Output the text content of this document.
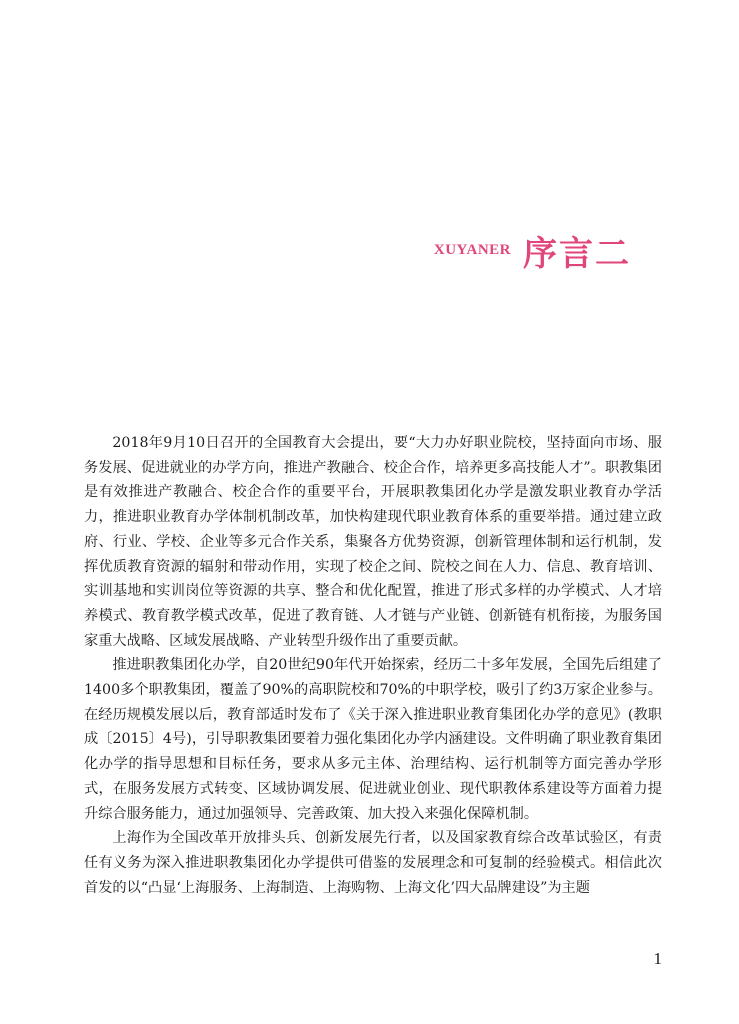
XUYANER 序言二

2018年9月10日召开的全国教育大会提出，要“大力办好职业院校，坚持面向市场、服务发展、促进就业的办学方向，推进产教融合、校企合作，培养更多高技能人才”。职教集团是有效推进产教融合、校企合作的重要平台，开展职教集团化办学是激发职业教育办学活力，推进职业教育办学体制机制改革，加快构建现代职业教育体系的重要举措。通过建立政府、行业、学校、企业等多元合作关系，集聚各方优势资源，创新管理体制和运行机制，发挥优质教育资源的辐射和带动作用，实现了校企之间、院校之间在人力、信息、教育培训、实训基地和实训岗位等资源的共享、整合和优化配置，推进了形式多样的办学模式、人才培养模式、教育教学模式改革，促进了教育链、人才链与产业链、创新链有机衔接，为服务国家重大战略、区域发展战略、产业转型升级作出了重要贡献。

推进职教集团化办学，自20世纪90年代开始探索，经历二十多年发展，全国先后组建了1400多个职教集团，覆盖了90%的高职院校和70%的中职学校，吸引了约3万家企业参与。在经历规模发展以后，教育部适时发布了《关于深入推进职业教育集团化办学的意见》(教职成〔2015〕4号)，引导职教集团要着力强化集团化办学内涵建设。文件明确了职业教育集团化办学的指导思想和目标任务，要求从多元主体、治理结构、运行机制等方面完善办学形式，在服务发展方式转变、区域协调发展、促进就业创业、现代职教体系建设等方面着力提升综合服务能力，通过加强领导、完善政策、加大投入来强化保障机制。

上海作为全国改革开放排头兵、创新发展先行者，以及国家教育综合改革试验区，有责任有义务为深入推进职教集团化办学提供可借鉴的发展理念和可复制的经验模式。相信此次首发的以“凸显‘上海服务、上海制造、上海购物、上海文化’四大品牌建设”为主题

1
